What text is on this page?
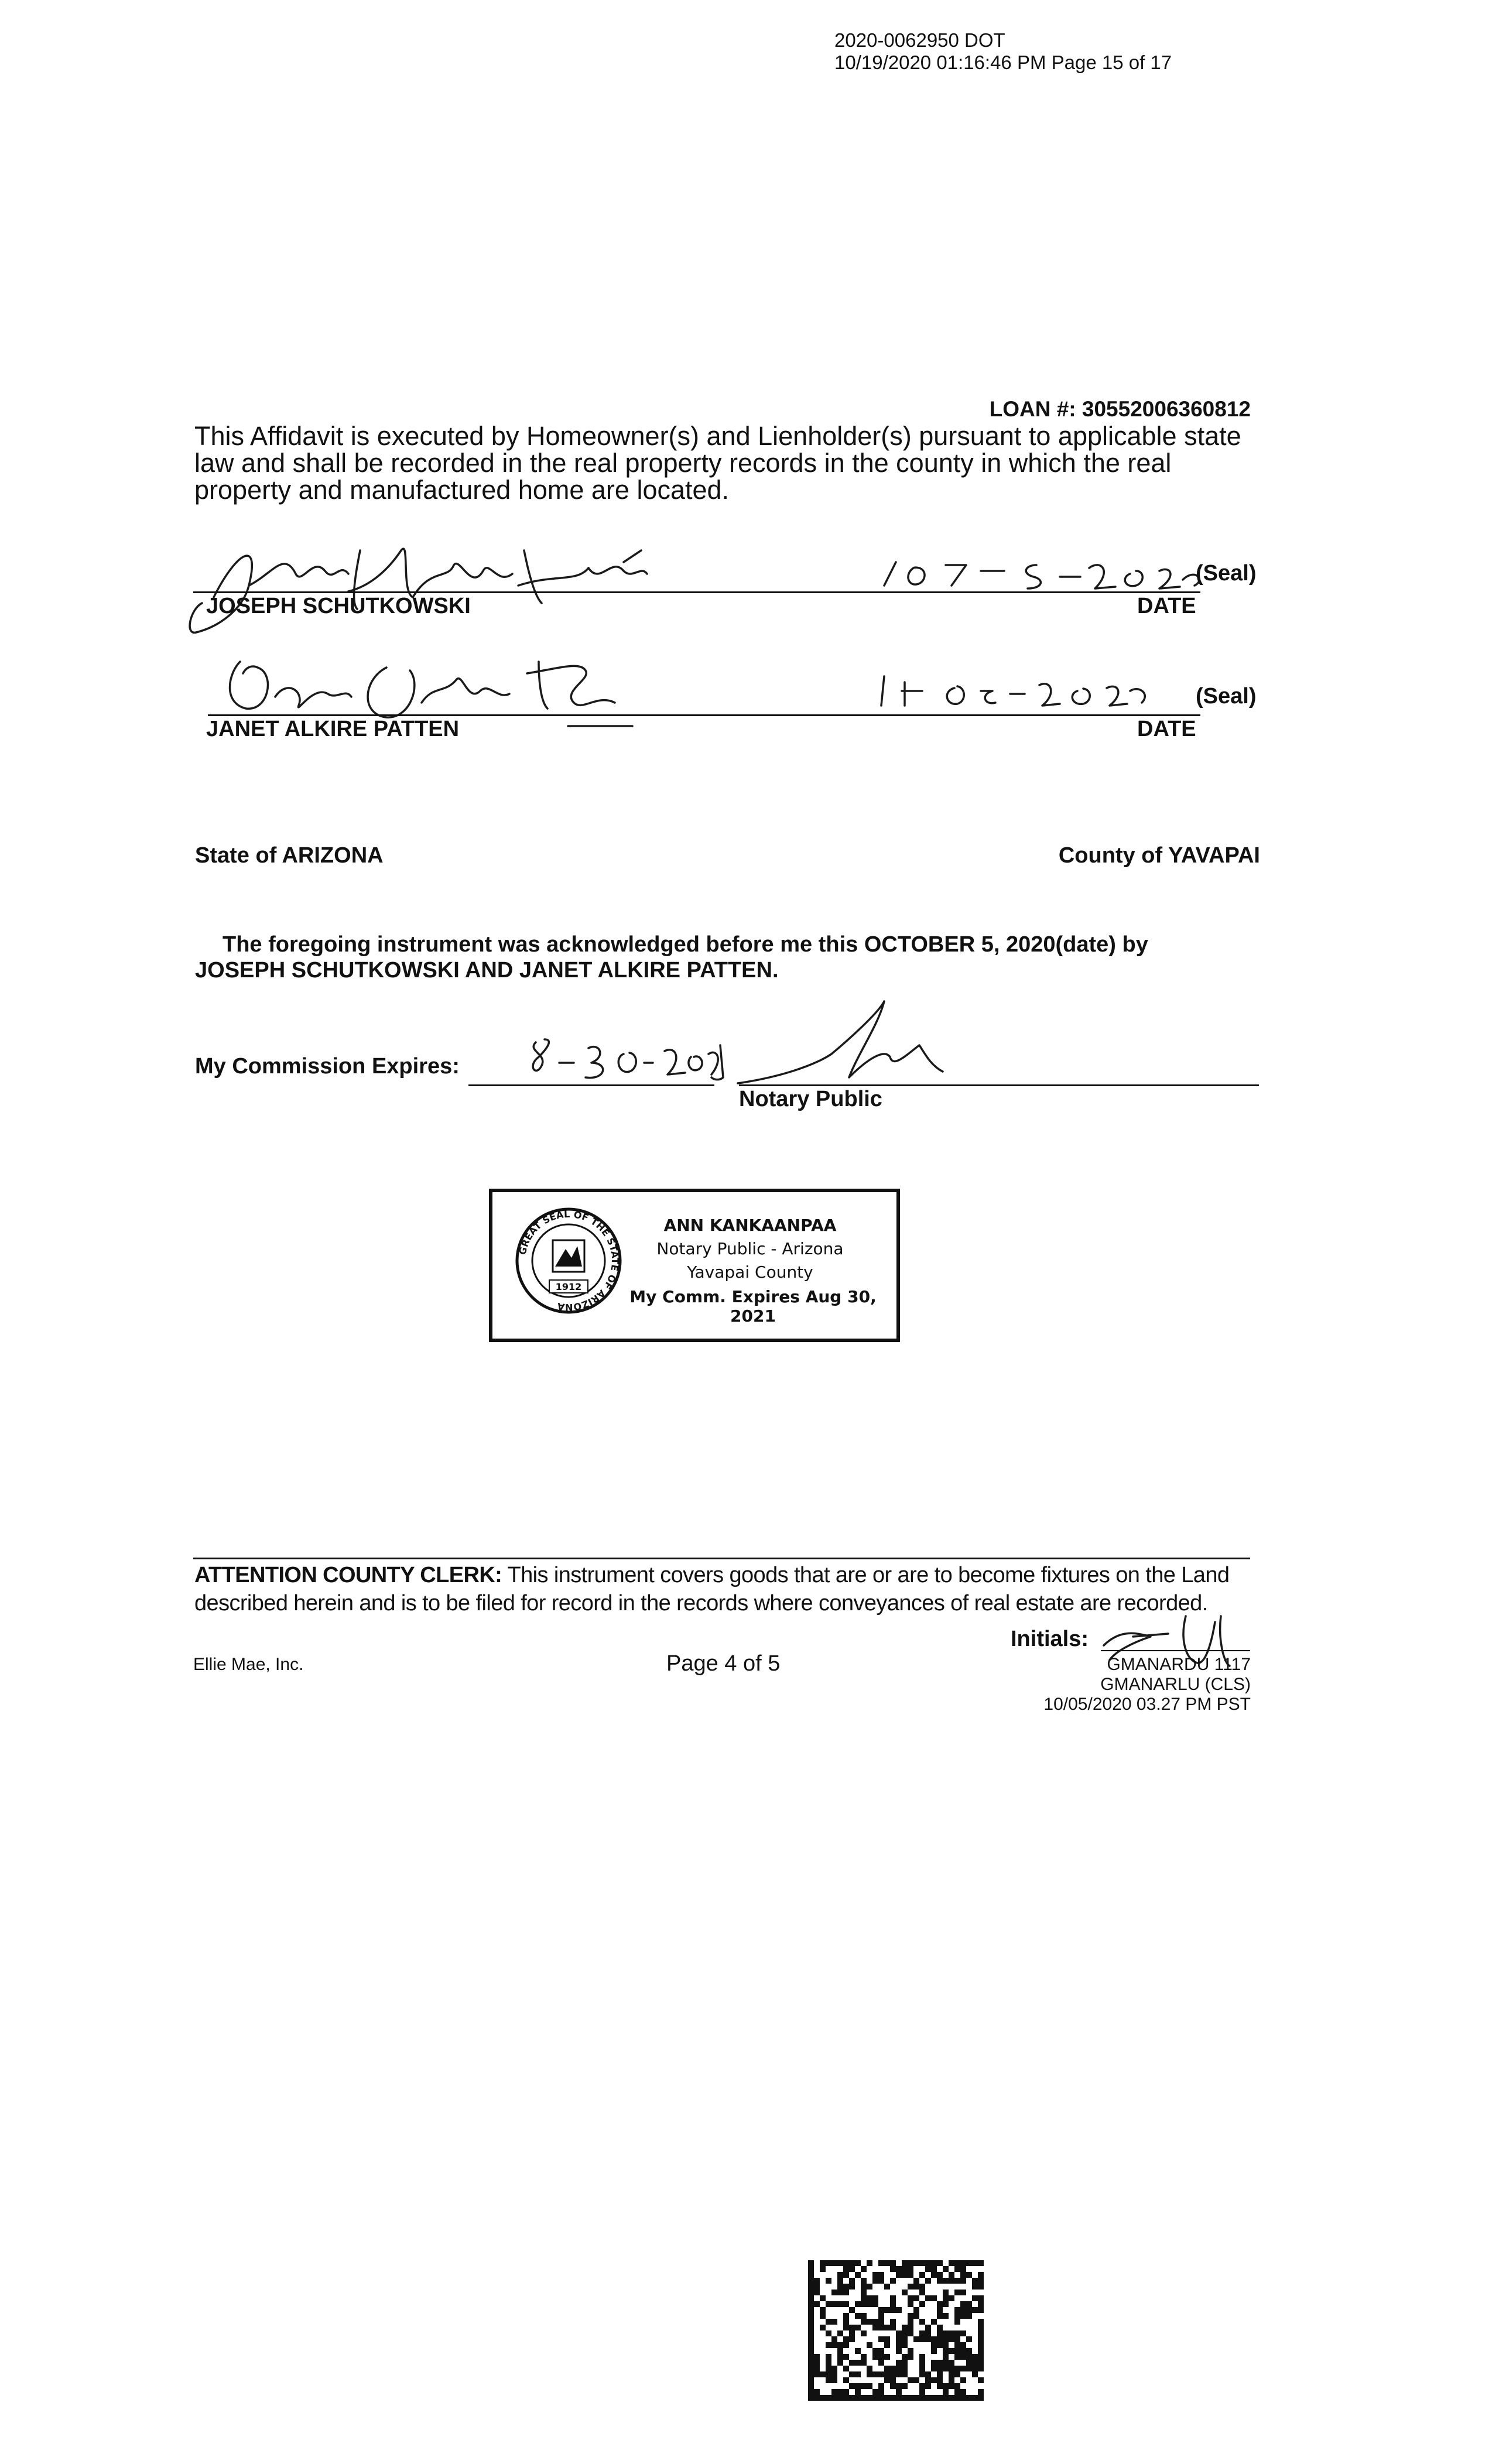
2020-0062950 DOT
10/19/2020 01:16:46 PM Page 15 of 17
LOAN #: 30552006360812
This Affidavit is executed by Homeowner(s) and Lienholder(s) pursuant to applicable state law and shall be recorded in the real property records in the county in which the real property and manufactured home are located.
(Seal)
JOSEPH SCHUTKOWSKI	DATE
(Seal)
JANET ALKIRE PATTEN	DATE
State of ARIZONA	County of YAVAPAI
The foregoing instrument was acknowledged before me this OCTOBER 5, 2020(date) by
JOSEPH SCHUTKOWSKI AND JANET ALKIRE PATTEN.
My Commission Expires:
Notary Public
GREAT SEAL OF THE STATE OF ARIZONA
1912
ANN KANKAANPAA
Notary Public - Arizona
Yavapai County
My Comm. Expires Aug 30, 2021
ATTENTION COUNTY CLERK: This instrument covers goods that are or are to become fixtures on the Land described herein and is to be filed for record in the records where conveyances of real estate are recorded.
Ellie Mae, Inc.	Page 4 of 5
Initials:
GMANARDU 1117
GMANARLU (CLS)
10/05/2020 03.27 PM PST
